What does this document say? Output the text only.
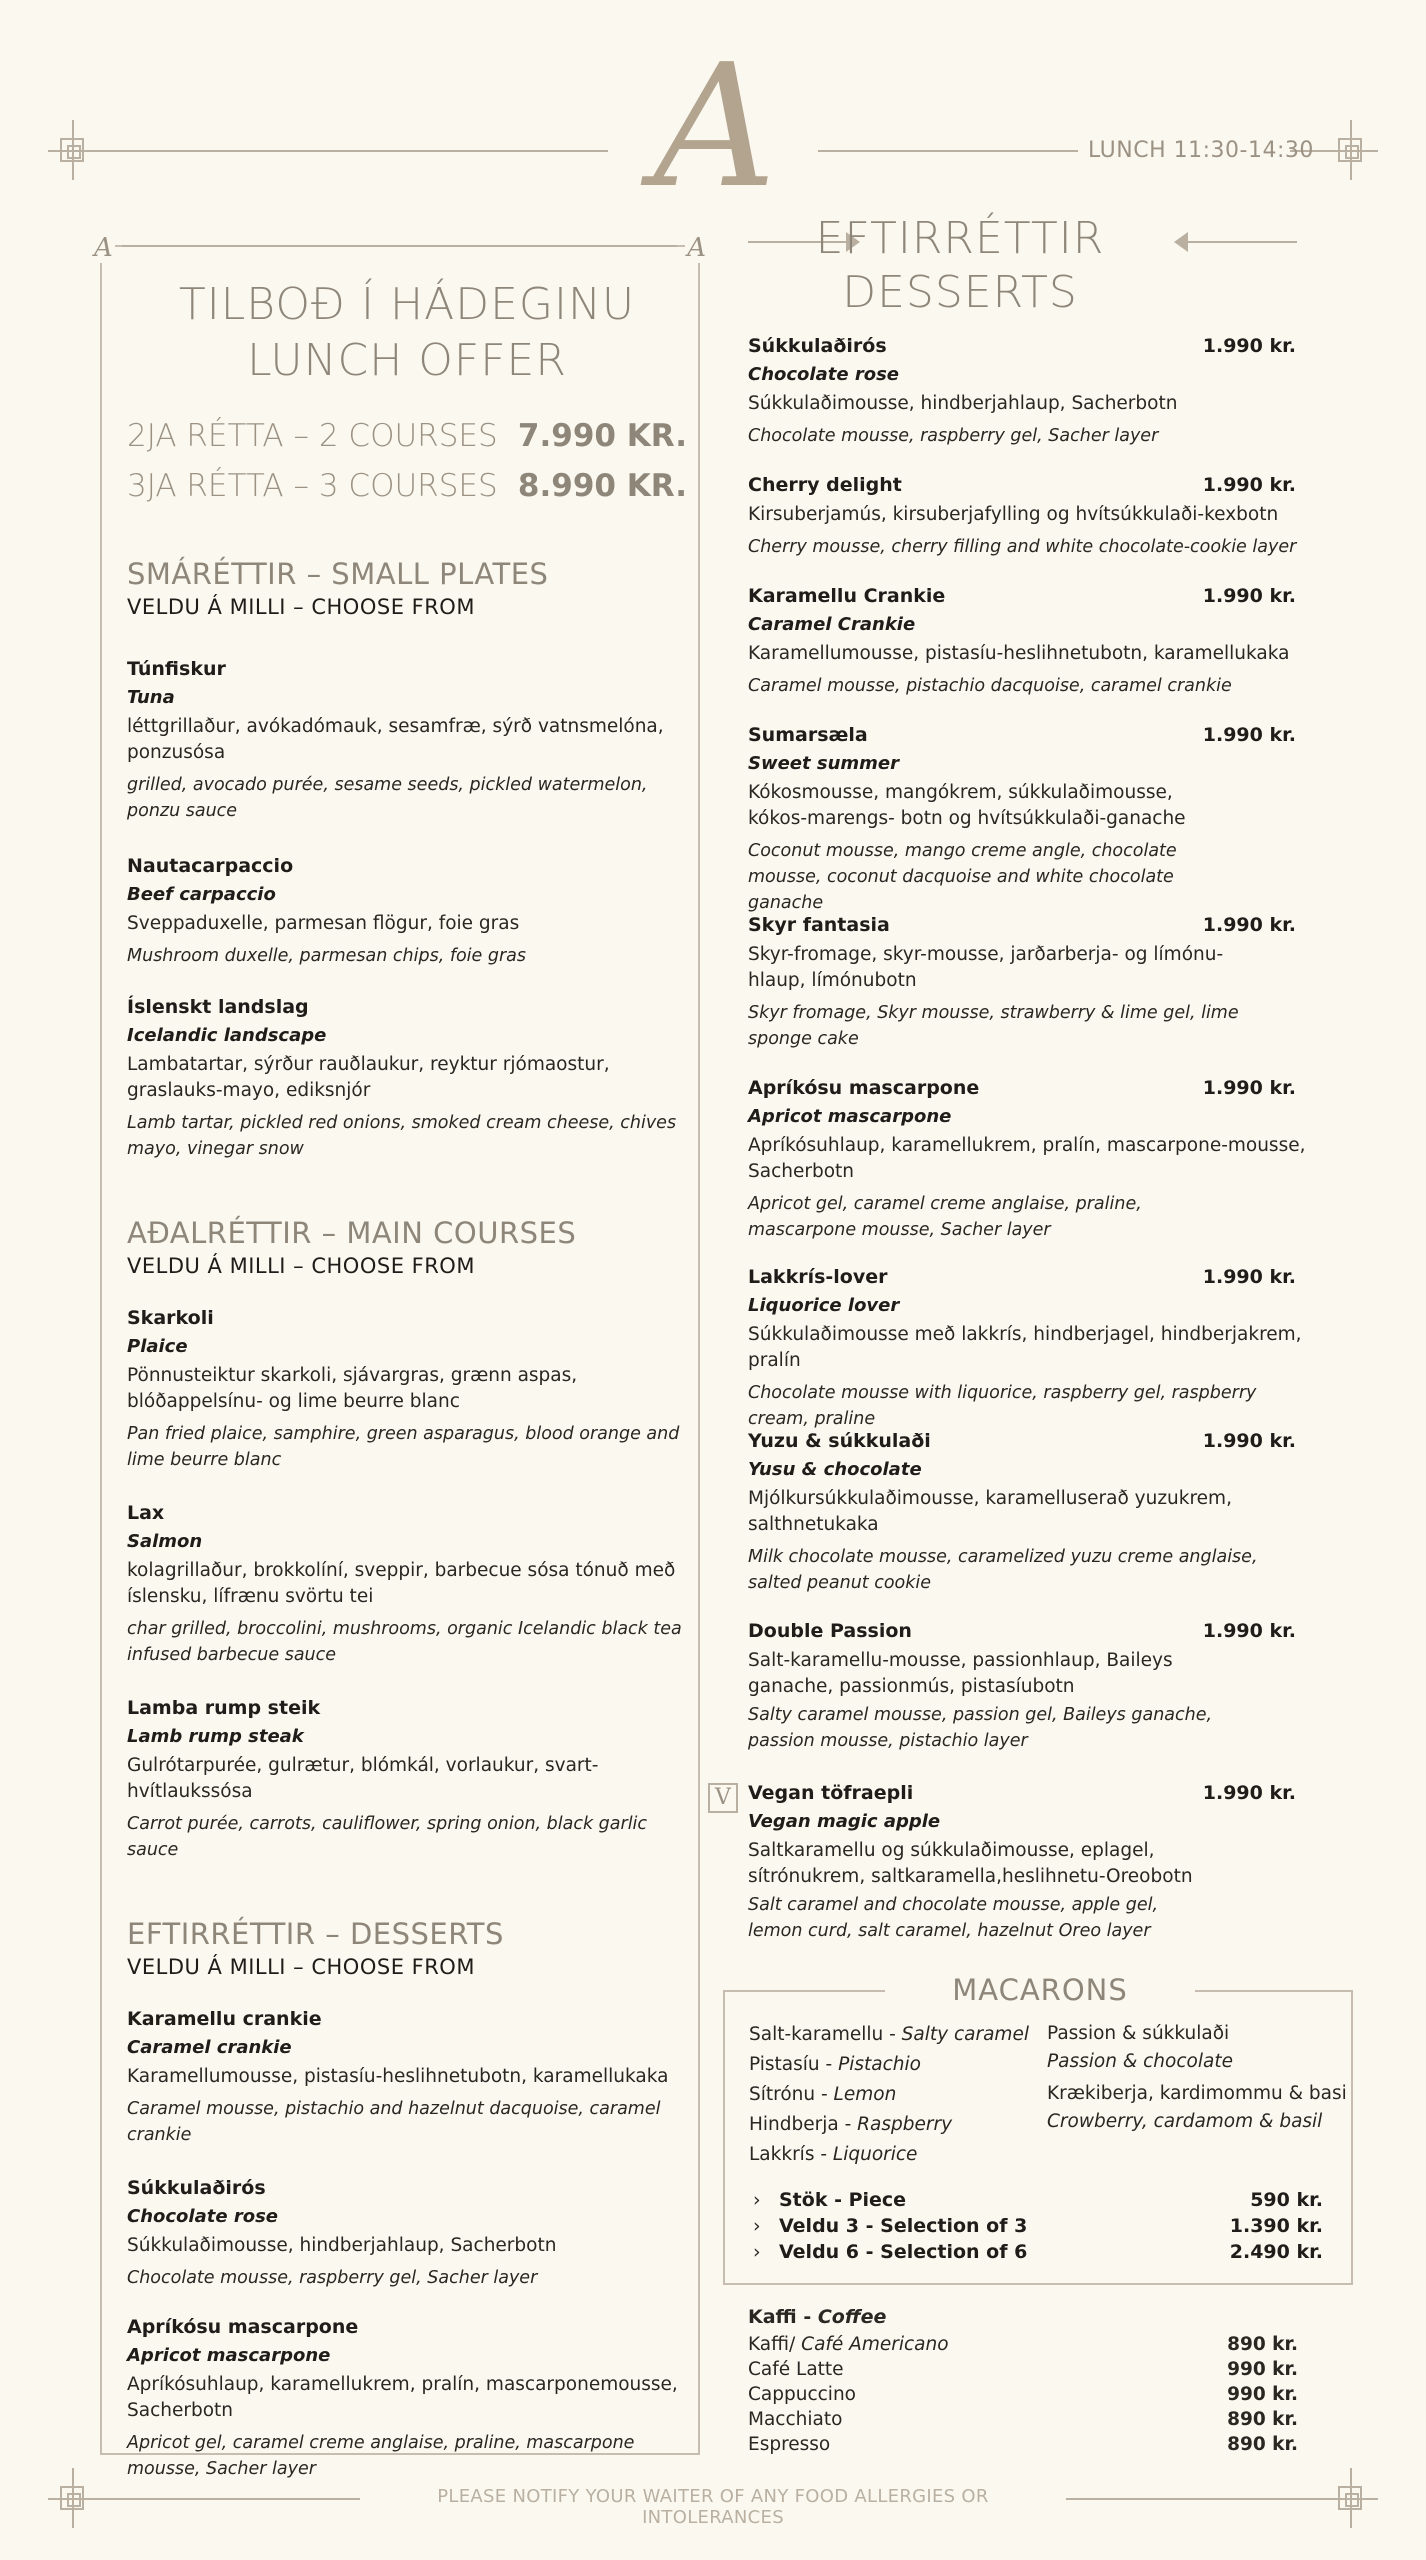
A	LUNCH 11:30-14:30
A	A
TILBOÐ Í HÁDEGINU
LUNCH OFFER
2JA RÉTTA – 2 COURSES 7.990 KR.
3JA RÉTTA – 3 COURSES 8.990 KR.
SMÁRÉTTIR – SMALL PLATES
VELDU Á MILLI – CHOOSE FROM
Túnfiskur
Tuna
léttgrillaður, avókadómauk, sesamfræ, sýrð vatnsmelóna, ponzusósa
grilled, avocado purée, sesame seeds, pickled watermelon, ponzu sauce
Nautacarpaccio
Beef carpaccio
Sveppaduxelle, parmesan flögur, foie gras
Mushroom duxelle, parmesan chips, foie gras
Íslenskt landslag
Icelandic landscape
Lambatartar, sýrður rauðlaukur, reyktur rjómaostur, graslauks-mayo, ediksnjór
Lamb tartar, pickled red onions, smoked cream cheese, chives mayo, vinegar snow
AÐALRÉTTIR – MAIN COURSES
VELDU Á MILLI – CHOOSE FROM
Skarkoli
Plaice
Pönnusteiktur skarkoli, sjávargras, grænn aspas, blóðappelsínu- og lime beurre blanc
Pan fried plaice, samphire, green asparagus, blood orange and lime beurre blanc
Lax
Salmon
kolagrillaður, brokkolíní, sveppir, barbecue sósa tónuð með íslensku, lífrænu svörtu tei
char grilled, broccolini, mushrooms, organic Icelandic black tea infused barbecue sauce
Lamba rump steik
Lamb rump steak
Gulrótarpurée, gulrætur, blómkál, vorlaukur, svart-hvítlaukssósa
Carrot purée, carrots, cauliflower, spring onion, black garlic sauce
EFTIRRÉTTIR – DESSERTS
VELDU Á MILLI – CHOOSE FROM
Karamellu crankie
Caramel crankie
Karamellumousse, pistasíu-heslihnetubotn, karamellukaka
Caramel mousse, pistachio and hazelnut dacquoise, caramel crankie
Súkkulaðirós
Chocolate rose
Súkkulaðimousse, hindberjahlaup, Sacherbotn
Chocolate mousse, raspberry gel, Sacher layer
Apríkósu mascarpone
Apricot mascarpone
Apríkósuhlaup, karamellukrem, pralín, mascarponemousse, Sacherbotn
Apricot gel, caramel creme anglaise, praline, mascarpone mousse, Sacher layer
EFTIRRÉTTIR
DESSERTS
Súkkulaðirós	1.990 kr.
Chocolate rose
Súkkulaðimousse, hindberjahlaup, Sacherbotn
Chocolate mousse, raspberry gel, Sacher layer
Cherry delight	1.990 kr.
Kirsuberjamús, kirsuberjafylling og hvítsúkkulaði-kexbotn
Cherry mousse, cherry filling and white chocolate-cookie layer
Karamellu Crankie	1.990 kr.
Caramel Crankie
Karamellumousse, pistasíu-heslihnetubotn, karamellukaka
Caramel mousse, pistachio dacquoise, caramel crankie
Sumarsæla	1.990 kr.
Sweet summer
Kókosmousse, mangókrem, súkkulaðimousse, kókos-marengs- botn og hvítsúkkulaði-ganache
Coconut mousse, mango creme angle, chocolate mousse, coconut dacquoise and white chocolate ganache
Skyr fantasia	1.990 kr.
Skyr-fromage, skyr-mousse, jarðarberja- og límónu-hlaup, límónubotn
Skyr fromage, Skyr mousse, strawberry & lime gel, lime sponge cake
Apríkósu mascarpone	1.990 kr.
Apricot mascarpone
Apríkósuhlaup, karamellukrem, pralín, mascarpone-mousse, Sacherbotn
Apricot gel, caramel creme anglaise, praline, mascarpone mousse, Sacher layer
Lakkrís-lover	1.990 kr.
Liquorice lover
Súkkulaðimousse með lakkrís, hindberjagel, hindberjakrem, pralín
Chocolate mousse with liquorice, raspberry gel, raspberry cream, praline
Yuzu & súkkulaði	1.990 kr.
Yusu & chocolate
Mjólkursúkkulaðimousse, karamelluserað yuzukrem, salthnetukaka
Milk chocolate mousse, caramelized yuzu creme anglaise, salted peanut cookie
Double Passion	1.990 kr.
Salt-karamellu-mousse, passionhlaup, Baileys ganache, passionmús, pistasíubotn
Salty caramel mousse, passion gel, Baileys ganache, passion mousse, pistachio layer
V Vegan töfraepli	1.990 kr.
Vegan magic apple
Saltkaramellu og súkkulaðimousse, eplagel, sítrónukrem, saltkaramella,heslihnetu-Oreobotn
Salt caramel and chocolate mousse, apple gel, lemon curd, salt caramel, hazelnut Oreo layer
MACARONS
Salt-karamellu - Salty caramel
Pistasíu - Pistachio
Sítrónu - Lemon
Hindberja - Raspberry
Lakkrís - Liquorice
Passion & súkkulaði
Passion & chocolate
Krækiberja, kardimommu & basi
Crowberry, cardamom & basil
› Stök - Piece	590 kr.
› Veldu 3 - Selection of 3	1.390 kr.
› Veldu 6 - Selection of 6	2.490 kr.
Kaffi - Coffee
Kaffi/ Café Americano	890 kr.
Café Latte	990 kr.
Cappuccino	990 kr.
Macchiato	890 kr.
Espresso	890 kr.
PLEASE NOTIFY YOUR WAITER OF ANY FOOD ALLERGIES OR INTOLERANCES
